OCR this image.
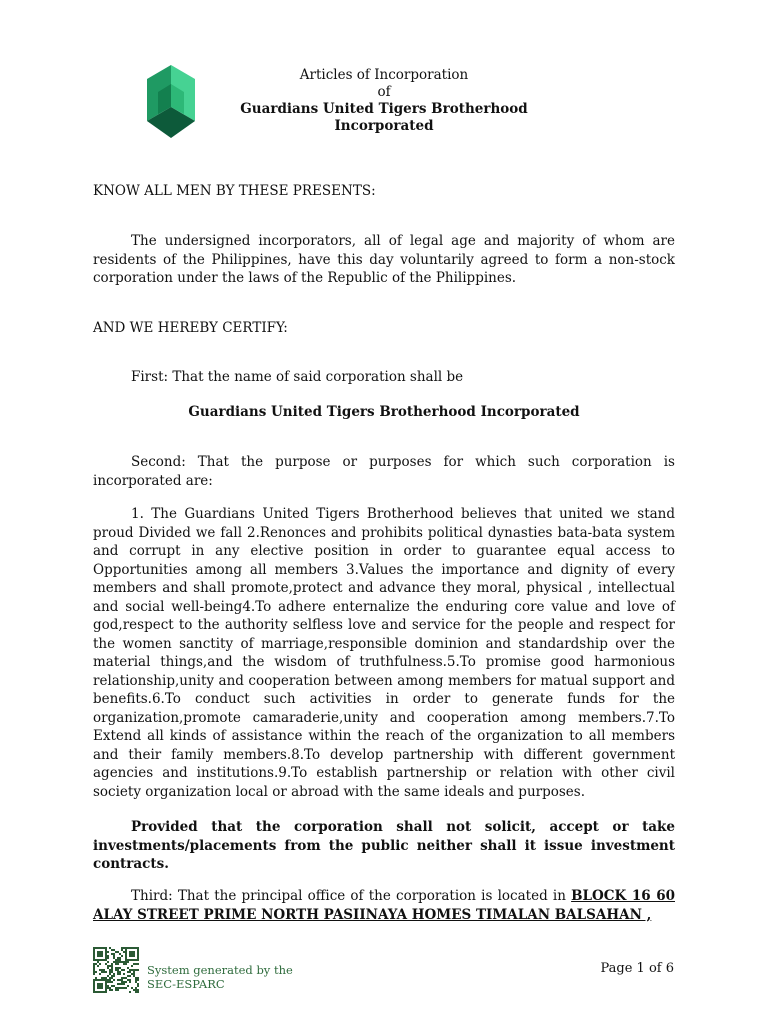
Articles of Incorporation
of
Guardians United Tigers Brotherhood
Incorporated
KNOW ALL MEN BY THESE PRESENTS:
The undersigned incorporators, all of legal age and majority of whom are residents of the Philippines, have this day voluntarily agreed to form a non-stock corporation under the laws of the Republic of the Philippines.
AND WE HEREBY CERTIFY:
First: That the name of said corporation shall be
Guardians United Tigers Brotherhood Incorporated
Second: That the purpose or purposes for which such corporation is incorporated are:
1. The Guardians United Tigers Brotherhood believes that united we stand proud Divided we fall 2.Renonces and prohibits political dynasties bata-bata system and corrupt in any elective position in order to guarantee equal access to Opportunities among all members 3.Values the importance and dignity of every members and shall promote,protect and advance they moral, physical , intellectual and social well-being4.To adhere enternalize the enduring core value and love of god,respect to the authority selfless love and service for the people and respect for the women sanctity of marriage,responsible dominion and standardship over the material things,and the wisdom of truthfulness.5.To promise good harmonious relationship,unity and cooperation between among members for matual support and benefits.6.To conduct such activities in order to generate funds for the organization,promote camaraderie,unity and cooperation among members.7.To Extend all kinds of assistance within the reach of the organization to all members and their family members.8.To develop partnership with different government agencies and institutions.9.To establish partnership or relation with other civil society organization local or abroad with the same ideals and purposes.
Provided that the corporation shall not solicit, accept or take investments/placements from the public neither shall it issue investment contracts.
Third: That the principal office of the corporation is located in BLOCK 16 60 ALAY STREET PRIME NORTH PASIINAYA HOMES TIMALAN BALSAHAN ,
System generated by the
SEC-ESPARC
Page 1 of 6
